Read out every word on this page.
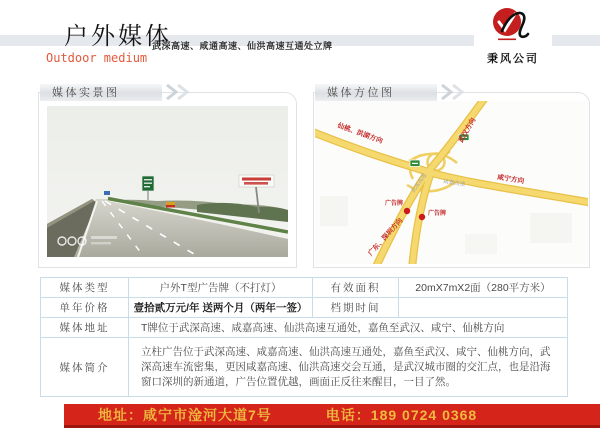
户外媒体
武深高速、咸通高速、仙洪高速互通处立牌
Outdoor medium	秉风公司
媒体实景图	媒体方位图
武深高速	咸嘉高速
仙桃、洪湖方向	武汉方向
咸宁方向
广东、深圳方向
广告牌
广告牌
媒体类型	户外T型广告牌（不打灯）	有效面积	20mX7mX2面（280平方米）
单年价格	壹拾贰万元/年 送两个月（两年一签）	档期时间
媒体地址	T牌位于武深高速、咸嘉高速、仙洪高速互通处，嘉鱼至武汉、咸宁、仙桃方向
媒体简介
立柱广告位于武深高速、咸嘉高速、仙洪高速互通处，嘉鱼至武汉、咸宁、仙桃方向，武深高速车流密集，更因咸嘉高速、仙洪高速交会互通，是武汉城市圈的交汇点，也是沿海窗口深圳的新通道，广告位置优越，画面正反往来醒目，一目了然。
地址：咸宁市淦河大道7号	电话：189 0724 0368
